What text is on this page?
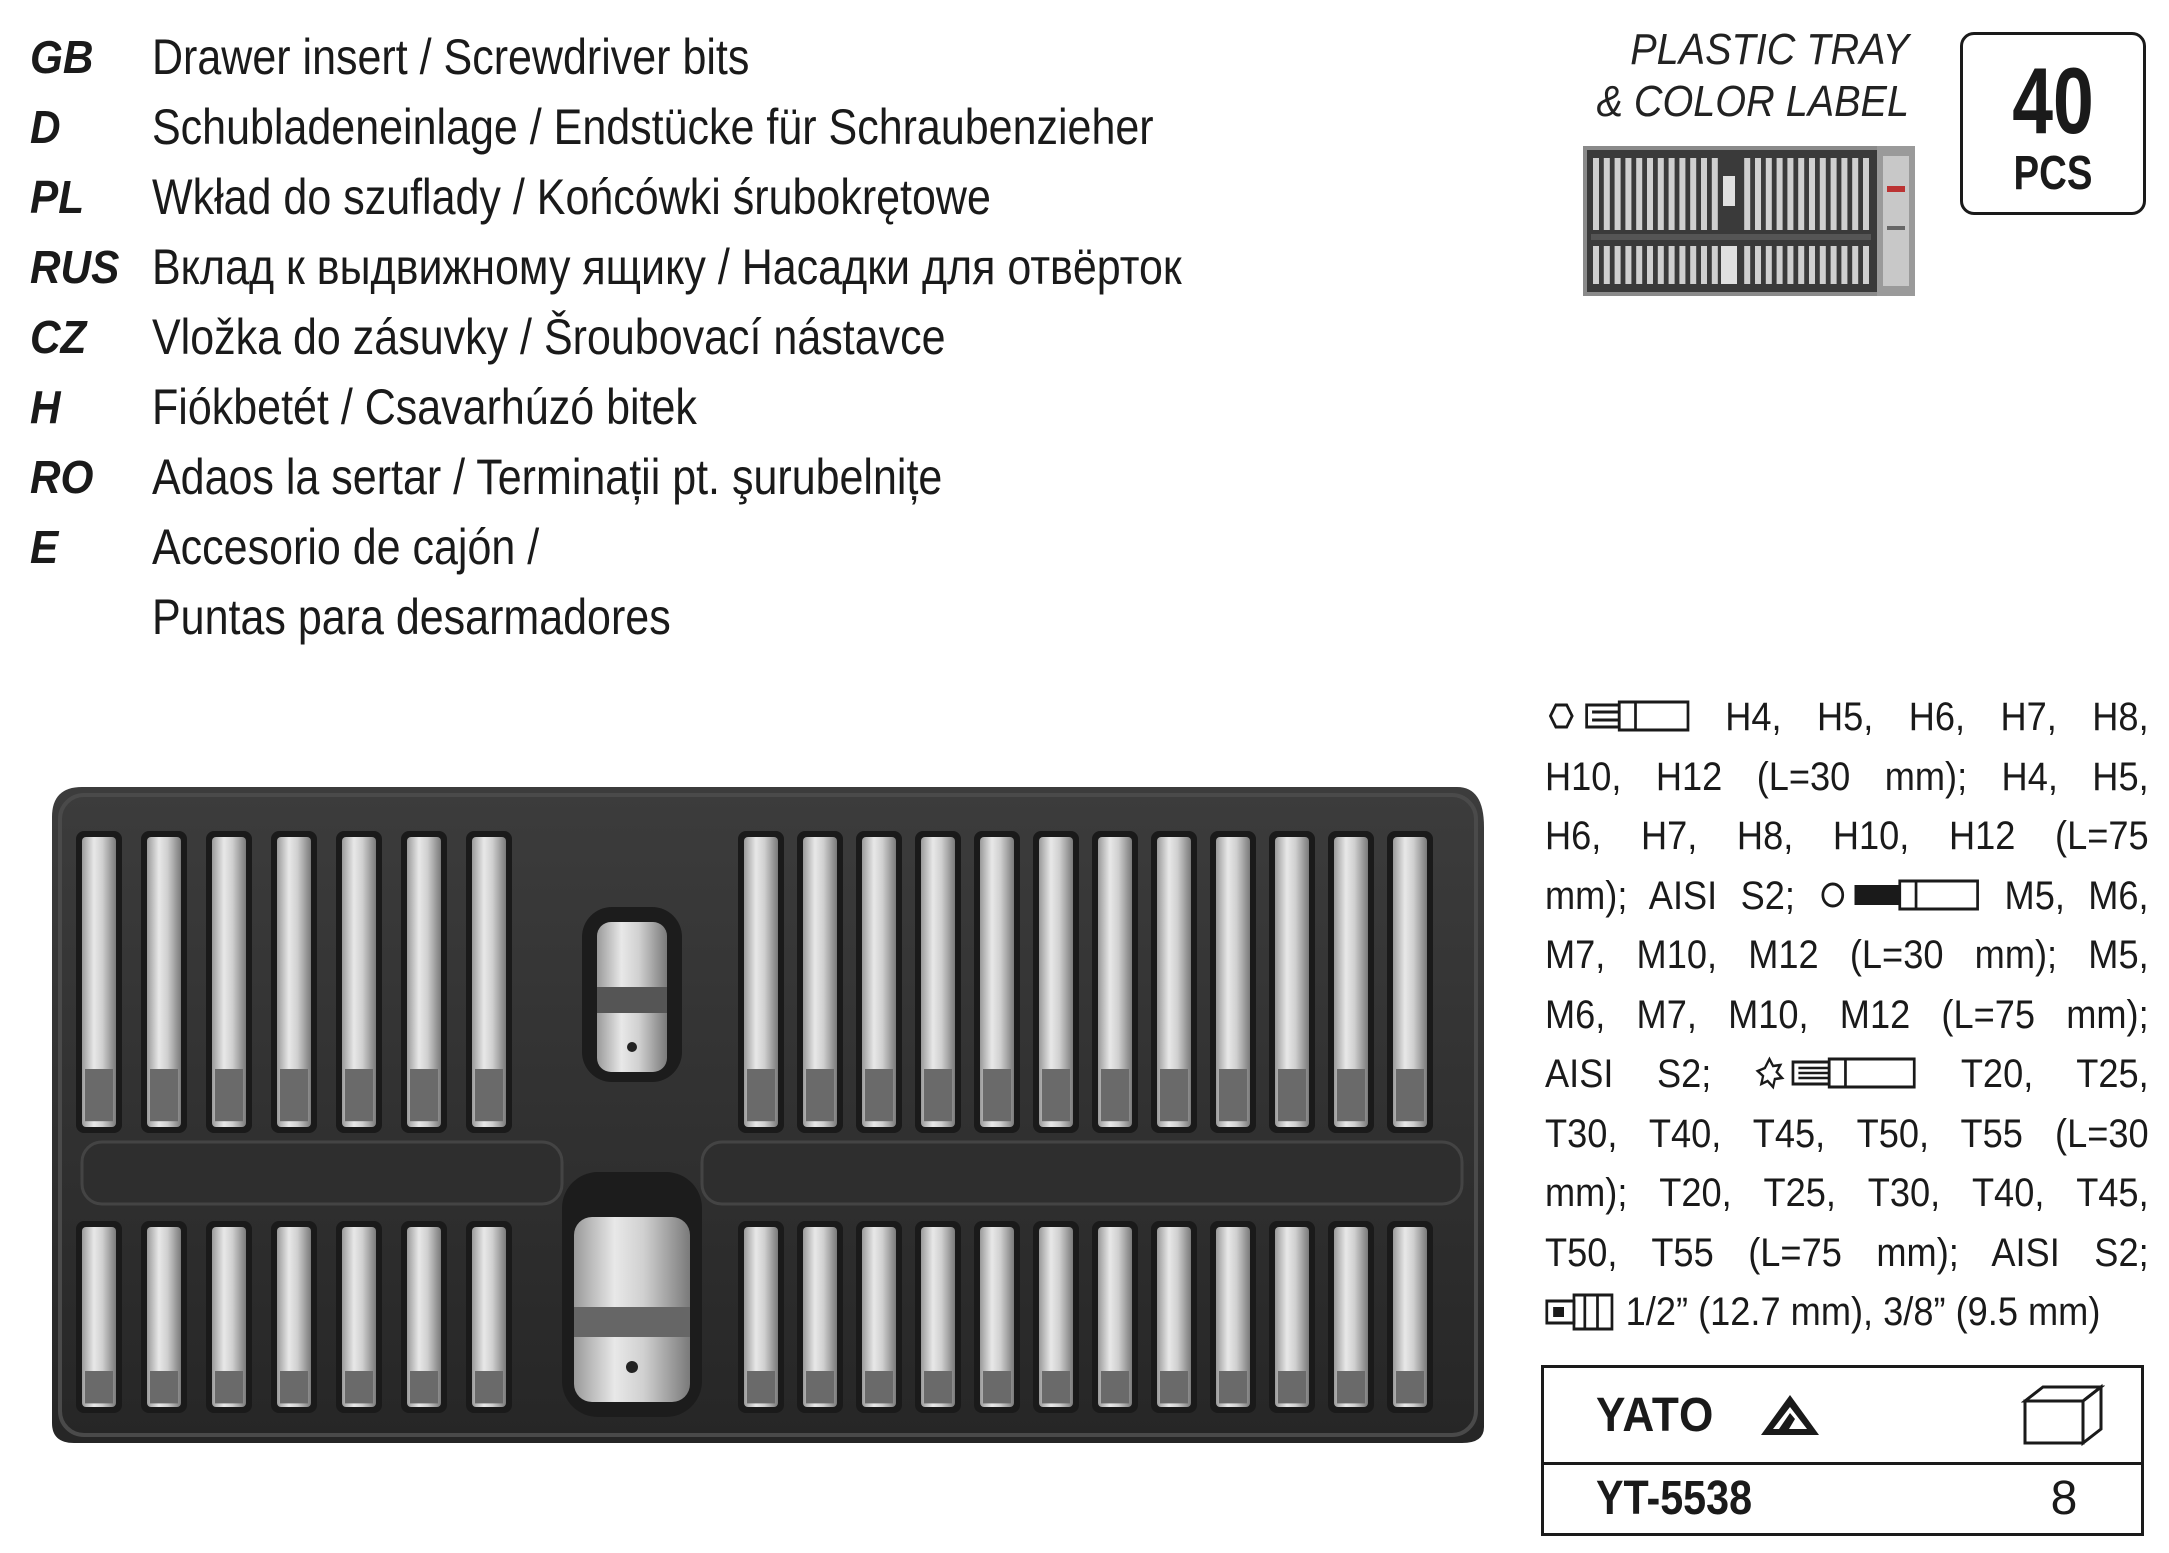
GB	Drawer insert / Screwdriver bits
D	Schubladeneinlage / Endstücke für Schraubenzieher
PL	Wkład do szuflady / Końcówki śrubokrętowe
RUS Вклад к выдвижному ящику / Насадки для отвёрток
CZ	Vložka do zásuvky / Šroubovací nástavce
H	Fiókbetét / Csavarhúzó bitek
RO	Adaos la sertar / Terminații pt. şurubelnițe
E	Accesorio de cajón /
Puntas para desarmadores
PLASTIC TRAY
& COLOR LABEL	40
PCS
H4, H5, H6, H7, H8,
H10, H12 (L=30 mm); H4, H5,
H6, H7, H8, H10, H12 (L=75
mm); AISI S2;	M5, M6,
M7, M10, M12 (L=30 mm); M5,
M6, M7, M10, M12 (L=75 mm);
AISI S2;	T20, T25,
T30, T40, T45, T50, T55 (L=30
mm); T20, T25, T30, T40, T45,
T50, T55 (L=75 mm); AISI S2;
1/2” (12.7 mm), 3/8” (9.5 mm)
YATO
YT-5538	8
